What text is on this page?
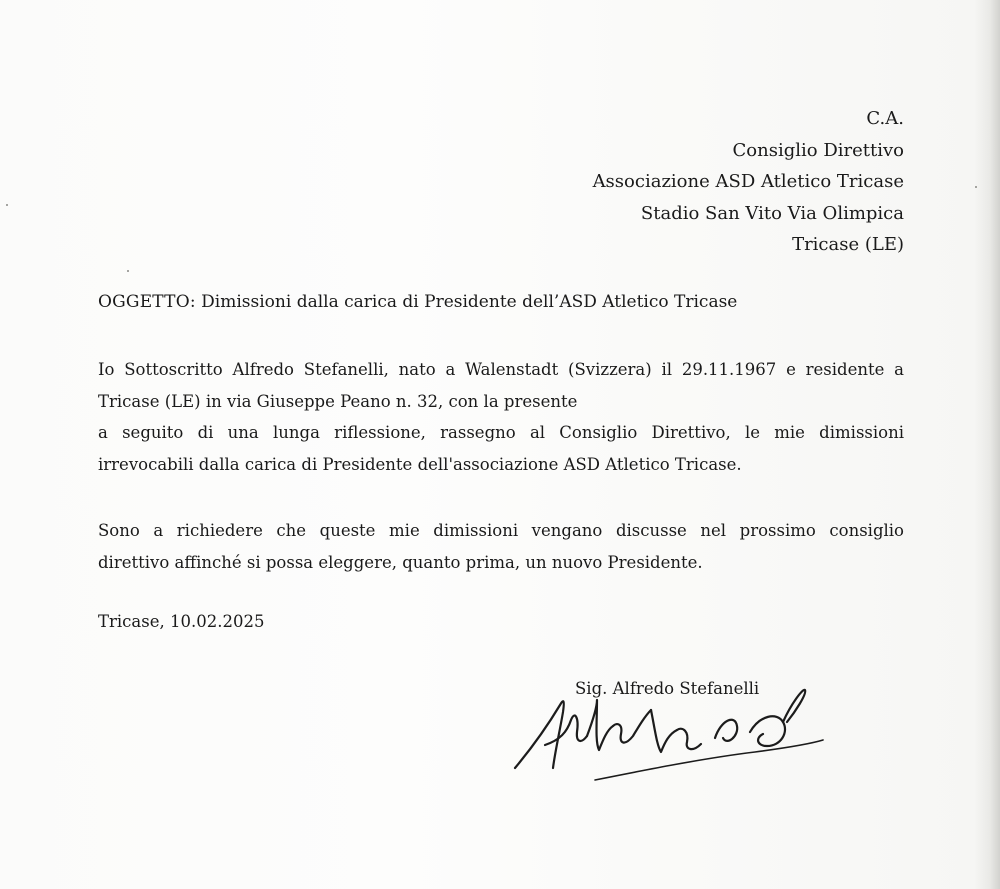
C.A.
Consiglio Direttivo
Associazione ASD Atletico Tricase
Stadio San Vito Via Olimpica
Tricase (LE)
OGGETTO: Dimissioni dalla carica di Presidente dell’ASD Atletico Tricase
Io Sottoscritto Alfredo Stefanelli, nato a Walenstadt (Svizzera) il 29.11.1967 e residente a
Tricase (LE) in via Giuseppe Peano n. 32, con la presente
a seguito di una lunga riflessione, rassegno al Consiglio Direttivo, le mie dimissioni
irrevocabili dalla carica di Presidente dell'associazione ASD Atletico Tricase.
Sono a richiedere che queste mie dimissioni vengano discusse nel prossimo consiglio
direttivo affinché si possa eleggere, quanto prima, un nuovo Presidente.
Tricase, 10.02.2025
Sig. Alfredo Stefanelli
